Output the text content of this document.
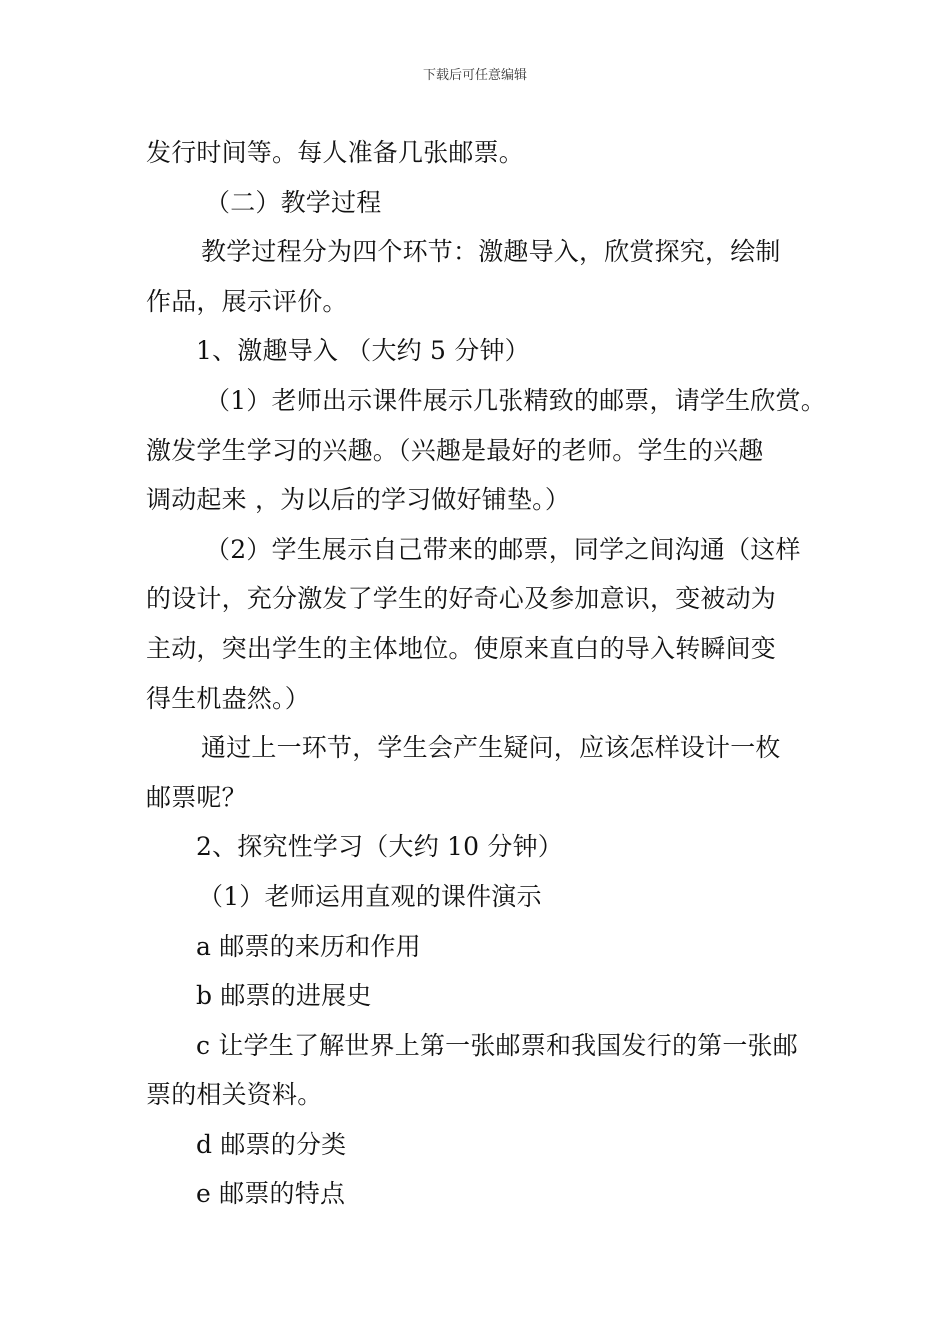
下载后可任意编辑
发行时间等。每人准备几张邮票。
（二）教学过程
教学过程分为四个环节：激趣导入，欣赏探究，绘制
作品，展示评价。
1、激趣导入 （大约 5 分钟）
（1）老师出示课件展示几张精致的邮票，请学生欣赏。
激发学生学习的兴趣。（兴趣是最好的老师。学生的兴趣
调动起来 ，为以后的学习做好铺垫。）
（2）学生展示自己带来的邮票，同学之间沟通（这样
的设计，充分激发了学生的好奇心及参加意识，变被动为
主动，突出学生的主体地位。使原来直白的导入转瞬间变
得生机盎然。）
通过上一环节，学生会产生疑问，应该怎样设计一枚
邮票呢？
2、探究性学习（大约 10 分钟）
（1）老师运用直观的课件演示
a 邮票的来历和作用
b 邮票的进展史
c 让学生了解世界上第一张邮票和我国发行的第一张邮
票的相关资料。
d 邮票的分类
e 邮票的特点
